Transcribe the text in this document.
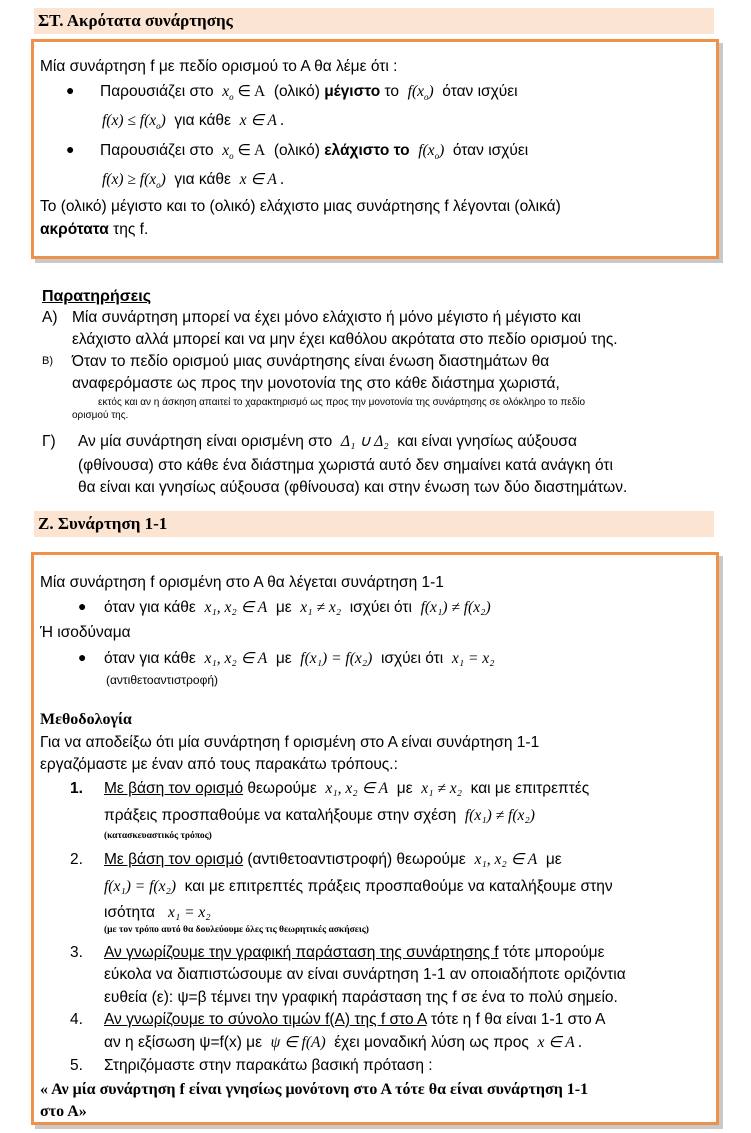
ΣΤ. Ακρότατα συνάρτησης
Μία συνάρτηση f με πεδίο ορισμού το Α θα λέμε ότι :
● Παρουσιάζει στο $x_o$ ∈ A (ολικό) μέγιστο το $f(x_o)$ όταν ισχύει
$f(x) \le f(x_o)$ για κάθε x ∈ A .
● Παρουσιάζει στο $x_o$ ∈ A (ολικό) ελάχιστο το $f(x_o)$ όταν ισχύει
$f(x) \ge f(x_o)$ για κάθε x ∈ A .
Το (ολικό) μέγιστο και το (ολικό) ελάχιστο μιας συνάρτησης f λέγονται (ολικά)
ακρότατα της f.
Παρατηρήσεις
Α) Μία συνάρτηση μπορεί να έχει μόνο ελάχιστο ή μόνο μέγιστο ή μέγιστο και
ελάχιστο αλλά μπορεί και να μην έχει καθόλου ακρότατα στο πεδίο ορισμού της.
Β) Όταν το πεδίο ορισμού μιας συνάρτησης είναι ένωση διαστημάτων θα
αναφερόμαστε ως προς την μονοτονία της στο κάθε διάστημα χωριστά,
εκτός και αν η άσκηση απαιτεί το χαρακτηρισμό ως προς την μονοτονία της συνάρτησης σε ολόκληρο το πεδίο
ορισμού της.
Γ) Αν μία συνάρτηση είναι ορισμένη στο Δ₁ ∪ Δ₂ και είναι γνησίως αύξουσα
(φθίνουσα) στο κάθε ένα διάστημα χωριστά αυτό δεν σημαίνει κατά ανάγκη ότι
θα είναι και γνησίως αύξουσα (φθίνουσα) και στην ένωση των δύο διαστημάτων.
Ζ. Συνάρτηση 1-1
Μία συνάρτηση f ορισμένη στο Α θα λέγεται συνάρτηση 1-1
● όταν για κάθε x₁, x₂ ∈ A με x₁ ≠ x₂ ισχύει ότι f(x₁) ≠ f(x₂)
Ή ισοδύναμα
● όταν για κάθε x₁, x₂ ∈ A με f(x₁) = f(x₂) ισχύει ότι x₁ = x₂
(αντιθετοαντιστροφή)
Μεθοδολογία
Για να αποδείξω ότι μία συνάρτηση f ορισμένη στο Α είναι συνάρτηση 1-1
εργαζόμαστε με έναν από τους παρακάτω τρόπους.:
1. Με βάση τον ορισμό θεωρούμε x₁, x₂ ∈ A με x₁ ≠ x₂ και με επιτρεπτές
πράξεις προσπαθούμε να καταλήξουμε στην σχέση f(x₁) ≠ f(x₂)
(κατασκευαστικός τρόπος)
2. Με βάση τον ορισμό (αντιθετοαντιστροφή) θεωρούμε x₁, x₂ ∈ A με
f(x₁) = f(x₂) και με επιτρεπτές πράξεις προσπαθούμε να καταλήξουμε στην
ισότητα x₁ = x₂
(με τον τρόπο αυτό θα δουλεύουμε όλες τις θεωρητικές ασκήσεις)
3. Αν γνωρίζουμε την γραφική παράσταση της συνάρτησης f τότε μπορούμε
εύκολα να διαπιστώσουμε αν είναι συνάρτηση 1-1 αν οποιαδήποτε οριζόντια
ευθεία (ε): ψ=β τέμνει την γραφική παράσταση της f σε ένα το πολύ σημείο.
4. Αν γνωρίζουμε το σύνολο τιμών f(A) της f στο Α τότε η f θα είναι 1-1 στο Α
αν η εξίσωση ψ=f(x) με ψ ∈ f(A) έχει μοναδική λύση ως προς x ∈ A .
5. Στηριζόμαστε στην παρακάτω βασική πρόταση :
« Αν μία συνάρτηση f είναι γνησίως μονότονη στο Α τότε θα είναι συνάρτηση 1-1
στο Α»
